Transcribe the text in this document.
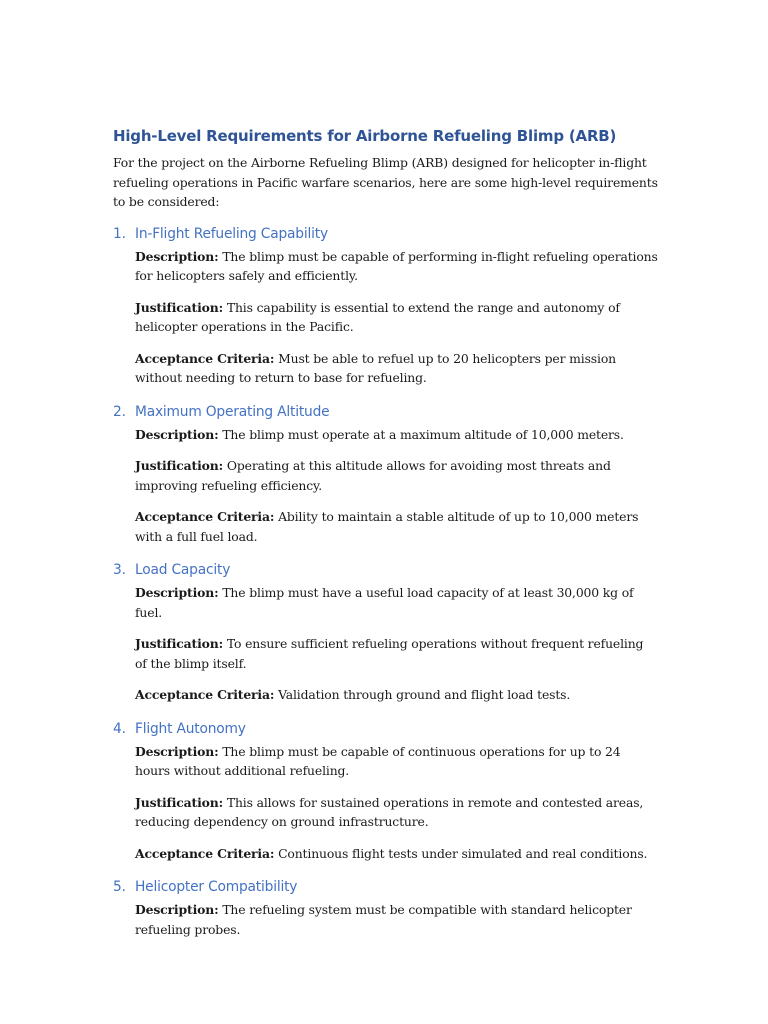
High-Level Requirements for Airborne Refueling Blimp (ARB)

For the project on the Airborne Refueling Blimp (ARB) designed for helicopter in-flight refueling operations in Pacific warfare scenarios, here are some high-level requirements to be considered:

1. In-Flight Refueling Capability

Description: The blimp must be capable of performing in-flight refueling operations for helicopters safely and efficiently.

Justification: This capability is essential to extend the range and autonomy of helicopter operations in the Pacific.

Acceptance Criteria: Must be able to refuel up to 20 helicopters per mission without needing to return to base for refueling.

2. Maximum Operating Altitude

Description: The blimp must operate at a maximum altitude of 10,000 meters.

Justification: Operating at this altitude allows for avoiding most threats and improving refueling efficiency.

Acceptance Criteria: Ability to maintain a stable altitude of up to 10,000 meters with a full fuel load.

3. Load Capacity

Description: The blimp must have a useful load capacity of at least 30,000 kg of fuel.

Justification: To ensure sufficient refueling operations without frequent refueling of the blimp itself.

Acceptance Criteria: Validation through ground and flight load tests.

4. Flight Autonomy

Description: The blimp must be capable of continuous operations for up to 24 hours without additional refueling.

Justification: This allows for sustained operations in remote and contested areas, reducing dependency on ground infrastructure.

Acceptance Criteria: Continuous flight tests under simulated and real conditions.

5. Helicopter Compatibility

Description: The refueling system must be compatible with standard helicopter refueling probes.
